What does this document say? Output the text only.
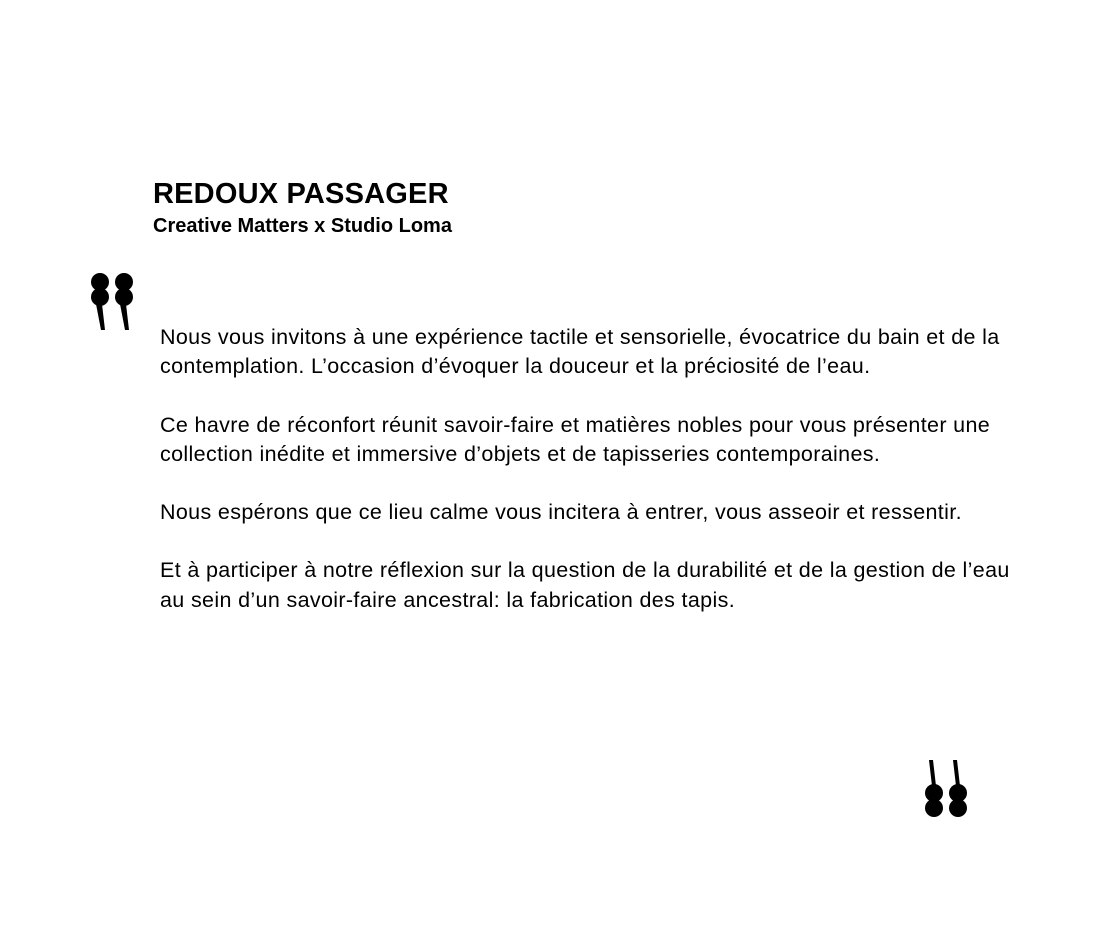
REDOUX PASSAGER

Creative Matters x Studio Loma

Nous vous invitons à une expérience tactile et sensorielle, évocatrice du bain et de la contemplation. L’occasion d’évoquer la douceur et la préciosité de l’eau.

Ce havre de réconfort réunit savoir-faire et matières nobles pour vous présenter une collection inédite et immersive d’objets et de tapisseries contemporaines.

Nous espérons que ce lieu calme vous incitera à entrer, vous asseoir et ressentir.

Et à participer à notre réflexion sur la question de la durabilité et de la gestion de l’eau au sein d’un savoir-faire ancestral: la fabrication des tapis.
